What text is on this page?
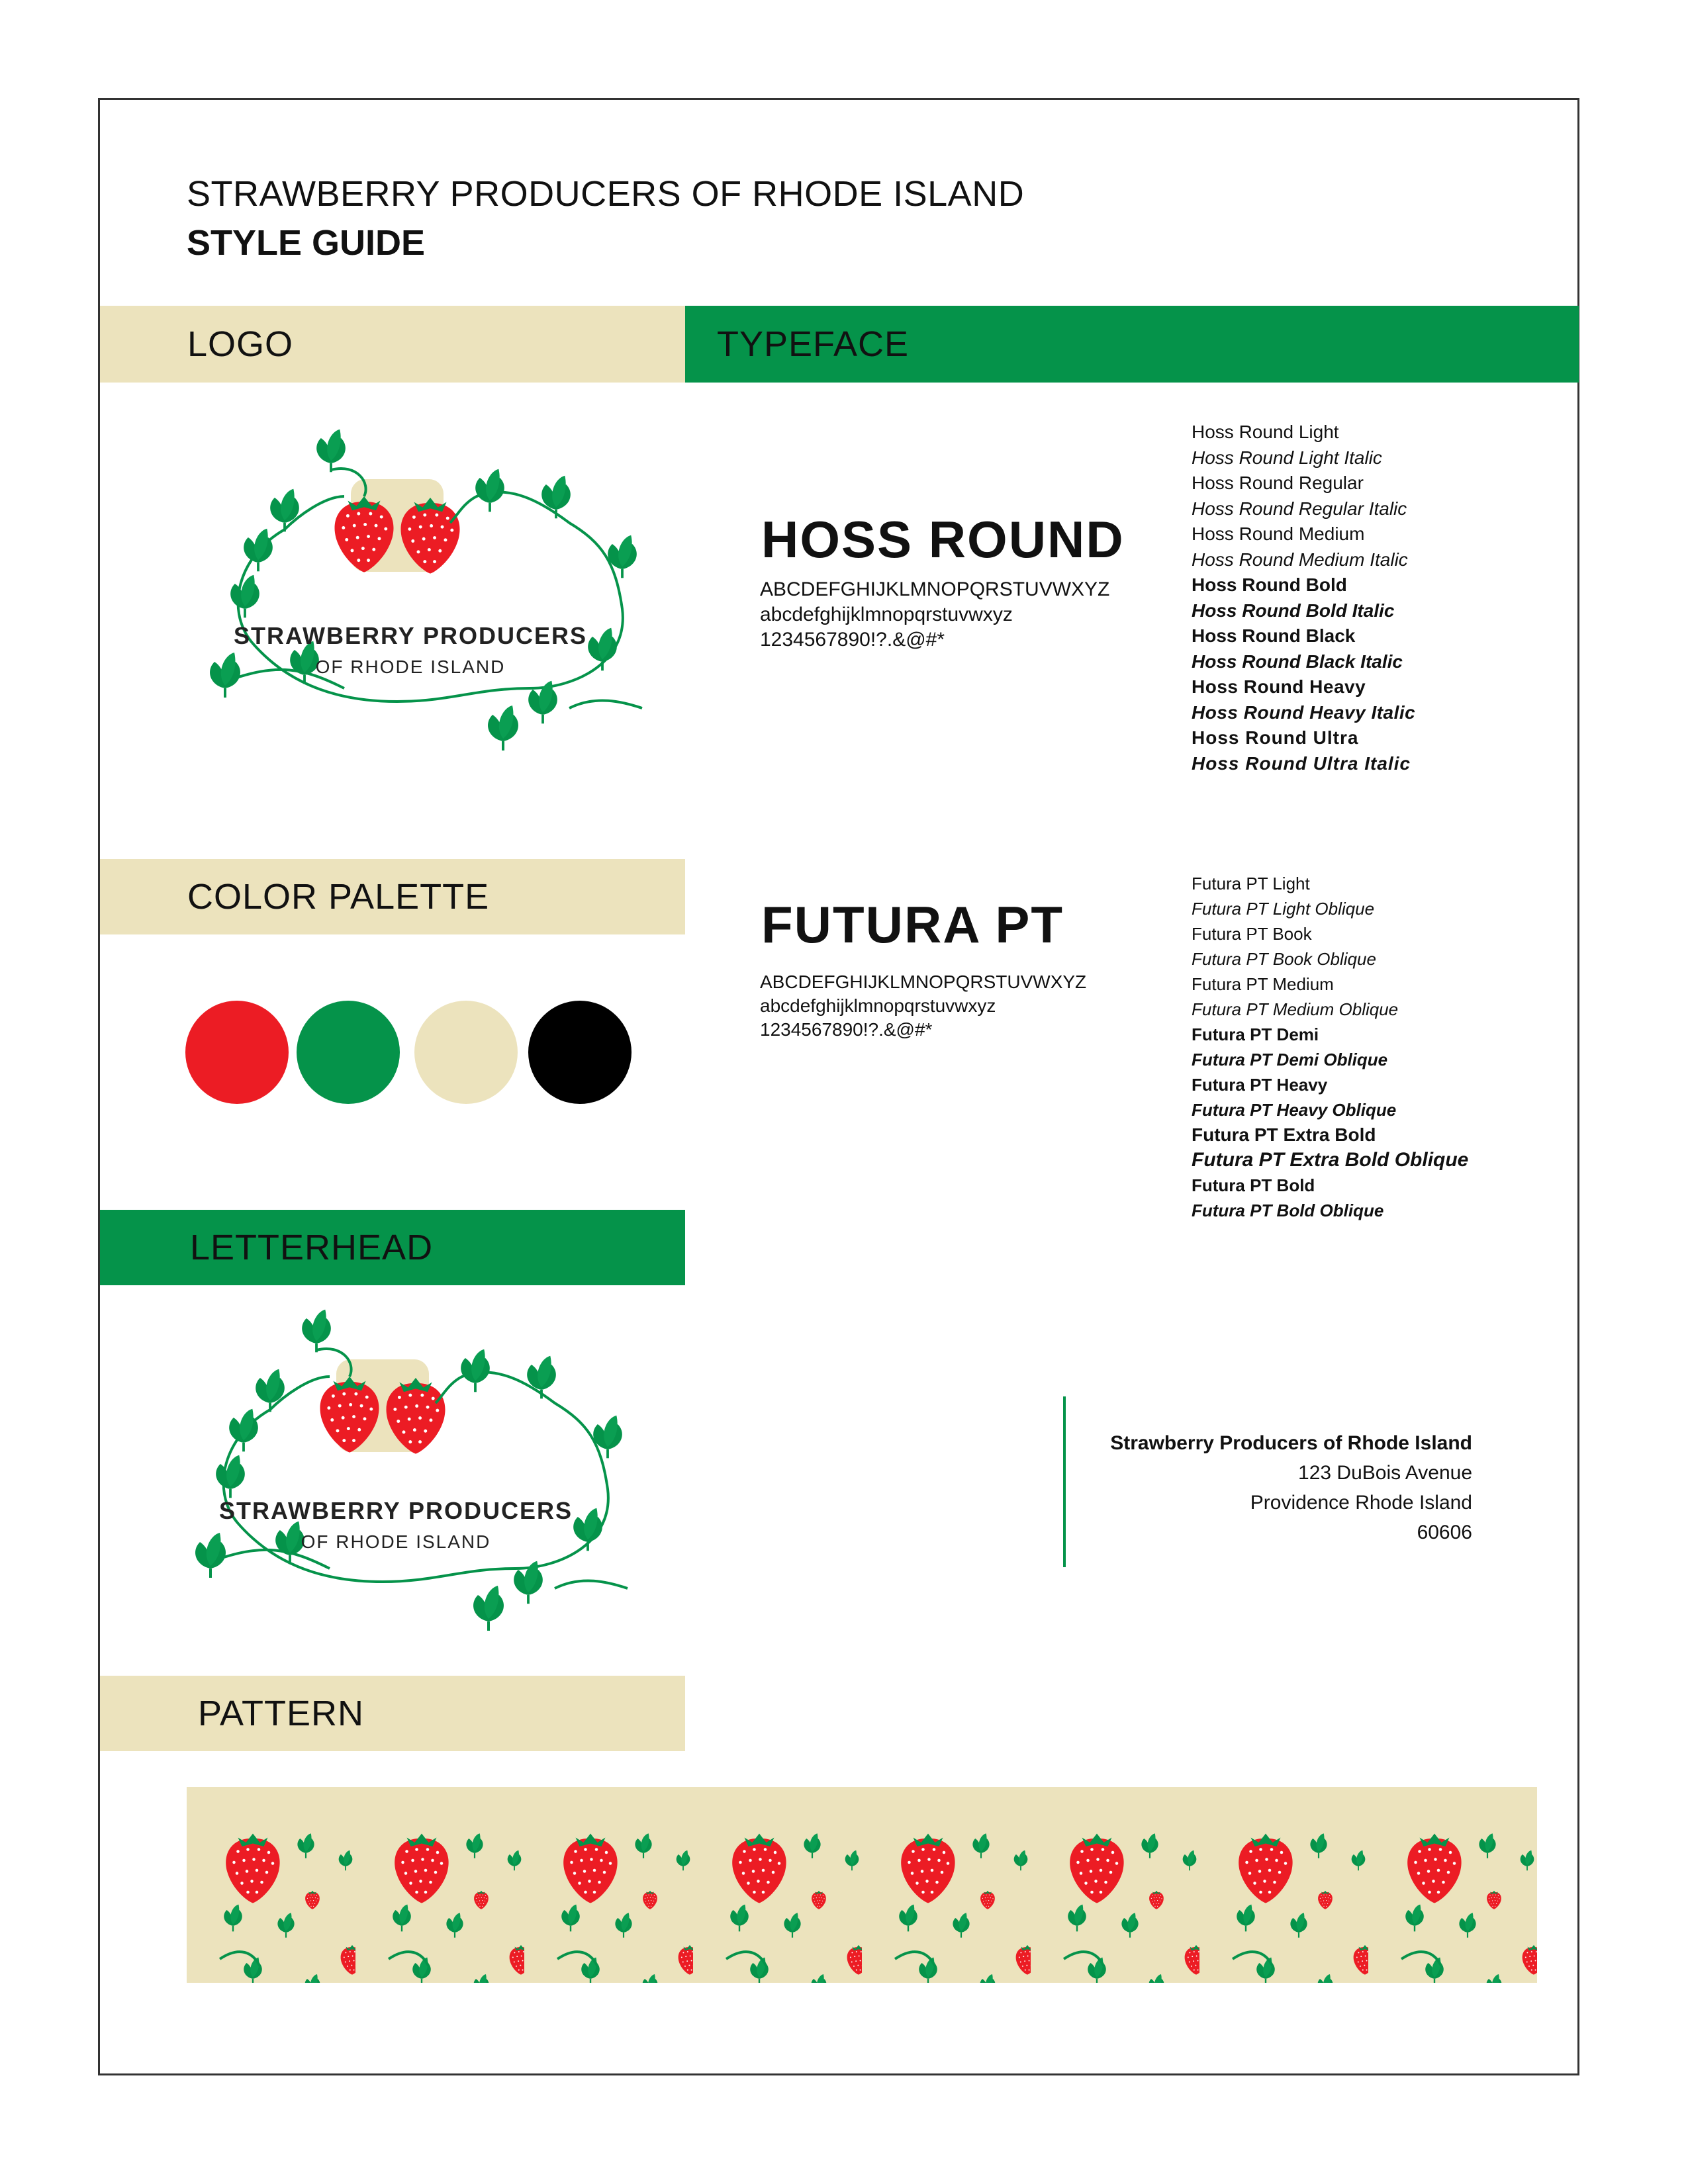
STRAWBERRY PRODUCERS OF RHODE ISLAND
STYLE GUIDE
LOGO	TYPEFACE
COLOR PALETTE
LETTERHEAD
PATTERN
STRAWBERRY PRODUCERS
OF RHODE ISLAND
HOSS ROUND
ABCDEFGHIJKLMNOPQRSTUVWXYZ
abcdefghijklmnopqrstuvwxyz
1234567890!?.&@#*
Hoss Round Light
Hoss Round Light Italic
Hoss Round Regular
Hoss Round Regular Italic
Hoss Round Medium
Hoss Round Medium Italic
Hoss Round Bold
Hoss Round Bold Italic
Hoss Round Black
Hoss Round Black Italic
Hoss Round Heavy
Hoss Round Heavy Italic
Hoss Round Ultra
Hoss Round Ultra Italic
FUTURA PT
ABCDEFGHIJKLMNOPQRSTUVWXYZ
abcdefghijklmnopqrstuvwxyz
1234567890!?.&@#*
Futura PT Light
Futura PT Light Oblique
Futura PT Book
Futura PT Book Oblique
Futura PT Medium
Futura PT Medium Oblique
Futura PT Demi
Futura PT Demi Oblique
Futura PT Heavy
Futura PT Heavy Oblique
Futura PT Extra Bold
Futura PT Extra Bold Oblique
Futura PT Bold
Futura PT Bold Oblique
STRAWBERRY PRODUCERS
OF RHODE ISLAND
Strawberry Producers of Rhode Island
123 DuBois Avenue
Providence Rhode Island
60606
